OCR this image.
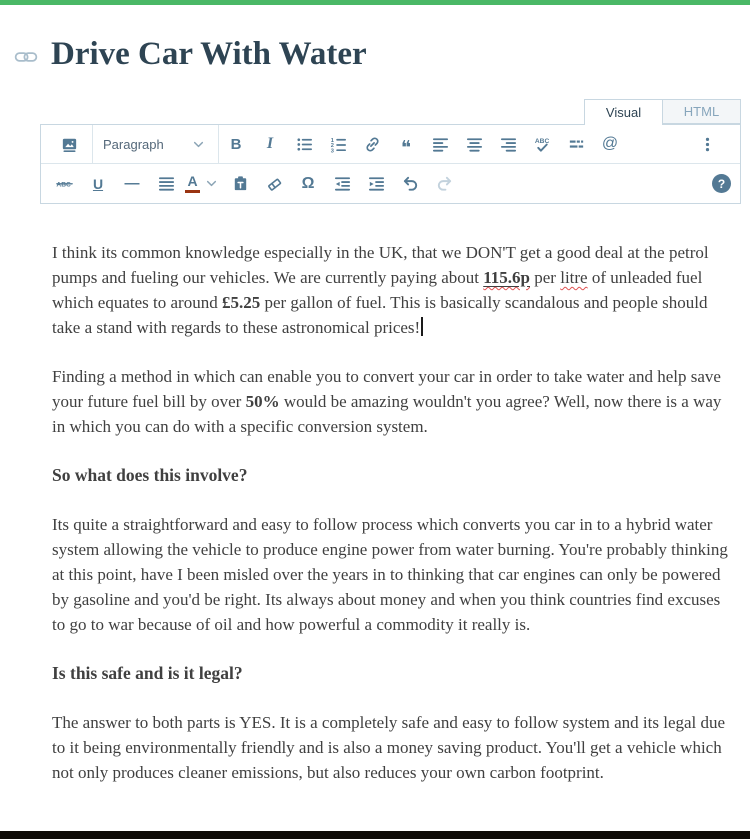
Drive Car With Water
Visual	HTML
Paragraph	B I	1
2
3	❝	ABC	@
ABC U —	A	Ω	?

I think its common knowledge especially in the UK, that we DON'T get a good deal at the petrol pumps and fueling our vehicles. We are currently paying about 115.6p per litre of unleaded fuel which equates to around £5.25 per gallon of fuel. This is basically scandalous and people should take a stand with regards to these astronomical prices!

Finding a method in which can enable you to convert your car in order to take water and help save your future fuel bill by over 50% would be amazing wouldn't you agree? Well, now there is a way in which you can do with a specific conversion system.

So what does this involve?

Its quite a straightforward and easy to follow process which converts you car in to a hybrid water system allowing the vehicle to produce engine power from water burning. You're probably thinking at this point, have I been misled over the years in to thinking that car engines can only be powered by gasoline and you'd be right. Its always about money and when you think countries find excuses to go to war because of oil and how powerful a commodity it really is.

Is this safe and is it legal?

The answer to both parts is YES. It is a completely safe and easy to follow system and its legal due to it being environmentally friendly and is also a money saving product. You'll get a vehicle which not only produces cleaner emissions, but also reduces your own carbon footprint.
